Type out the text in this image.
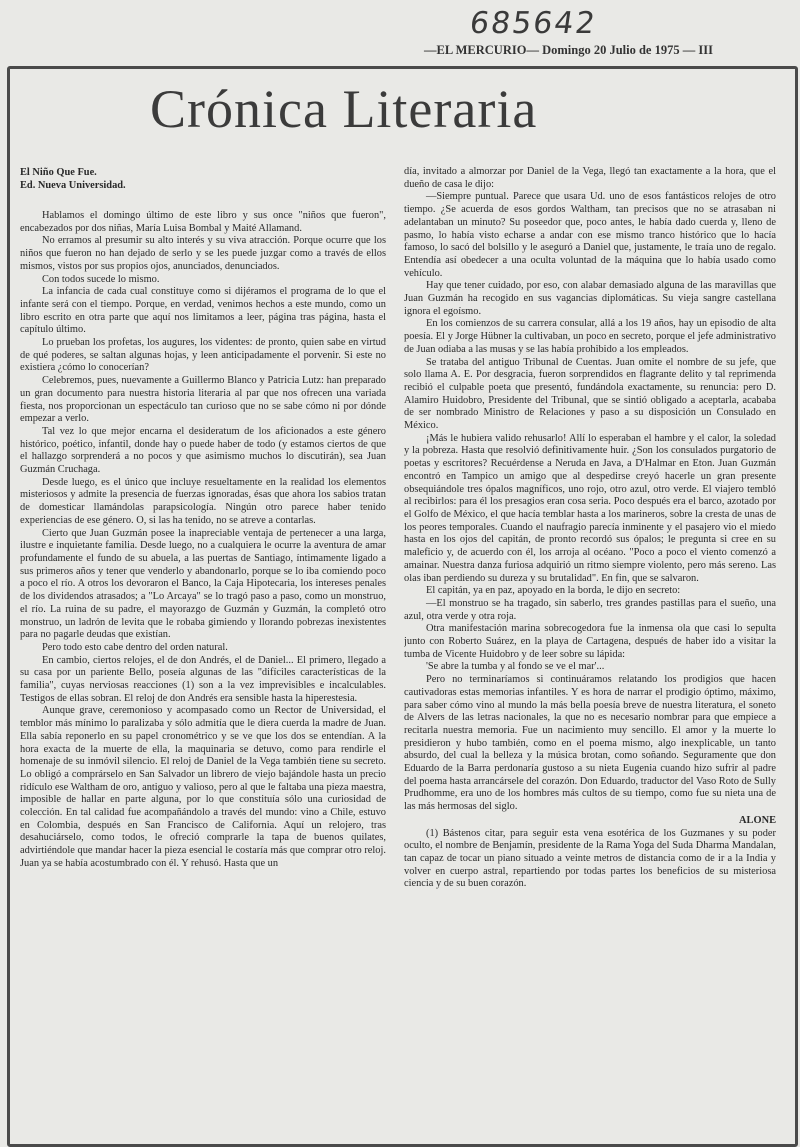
685642
—EL MERCURIO— Domingo 20 Julio de 1975 — III
Crónica Literaria
El Niño Que Fue.
Ed. Nueva Universidad.

Hablamos el domingo último de este libro y sus once "niños que fueron", encabezados por dos niñas, María Luisa Bombal y Maité Allamand.

No erramos al presumir su alto interés y su viva atracción. Porque ocurre que los niños que fueron no han dejado de serlo y se les puede juzgar como a través de ellos mismos, vistos por sus propios ojos, anunciados, denunciados.

Con todos sucede lo mismo.

La infancia de cada cual constituye como si dijéramos el programa de lo que el infante será con el tiempo. Porque, en verdad, venimos hechos a este mundo, como un libro escrito en otra parte que aquí nos limitamos a leer, página tras página, hasta el capítulo último.

Lo prueban los profetas, los augures, los videntes: de pronto, quien sabe en virtud de qué poderes, se saltan algunas hojas, y leen anticipadamente el porvenir. Si este no existiera ¿cómo lo conocerían?

Celebremos, pues, nuevamente a Guillermo Blanco y Patricia Lutz: han preparado un gran documento para nuestra historia literaria al par que nos ofrecen una variada fiesta, nos proporcionan un espectáculo tan curioso que no se sabe cómo ni por dónde empezar a verlo.

Tal vez lo que mejor encarna el desideratum de los aficionados a este género histórico, poético, infantil, donde hay o puede haber de todo (y estamos ciertos de que el hallazgo sorprenderá a no pocos y que asimismo muchos lo discutirán), sea Juan Guzmán Cruchaga.

Desde luego, es el único que incluye resueltamente en la realidad los elementos misteriosos y admite la presencia de fuerzas ignoradas, ésas que ahora los sabios tratan de domesticar llamándolas parapsicología. Ningún otro parece haber tenido experiencias de ese género. O, si las ha tenido, no se atreve a contarlas.

Cierto que Juan Guzmán posee la inapreciable ventaja de pertenecer a una larga, ilustre e inquietante familia. Desde luego, no a cualquiera le ocurre la aventura de amar profundamente el fundo de su abuela, a las puertas de Santiago, íntimamente ligado a sus primeros años y tener que venderlo y abandonarlo, porque se lo iba comiendo poco a poco el río. A otros los devoraron el Banco, la Caja Hipotecaria, los intereses penales de los dividendos atrasados; a "Lo Arcaya" se lo tragó paso a paso, como un monstruo, el río. La ruina de su padre, el mayorazgo de Guzmán y Guzmán, la completó otro monstruo, un ladrón de levita que le robaba gimiendo y llorando pobrezas inexistentes para no pagarle deudas que existían.

Pero todo esto cabe dentro del orden natural.

En cambio, ciertos relojes, el de don Andrés, el de Daniel... El primero, llegado a su casa por un pariente Bello, poseía algunas de las "difíciles características de la familia", cuyas nerviosas reacciones (1) son a la vez imprevisibles e incalculables. Testigos de ellas sobran. El reloj de don Andrés era sensible hasta la hiperestesia.

Aunque grave, ceremonioso y acompasado como un Rector de Universidad, el temblor más mínimo lo paralizaba y sólo admitía que le diera cuerda la madre de Juan. Ella sabía reponerlo en su papel cronométrico y se ve que los dos se entendían. A la hora exacta de la muerte de ella, la maquinaria se detuvo, como para rendirle el homenaje de su inmóvil silencio. El reloj de Daniel de la Vega también tiene su secreto. Lo obligó a comprárselo en San Salvador un librero de viejo bajándole hasta un precio ridículo ese Waltham de oro, antiguo y valioso, pero al que le faltaba una pieza maestra, imposible de hallar en parte alguna, por lo que constituía sólo una curiosidad de colección. En tal calidad fue acompañándolo a través del mundo: vino a Chile, estuvo en Colombia, después en San Francisco de California. Aquí un relojero, tras desahuciárselo, como todos, le ofreció comprarle la tapa de buenos quilates, advirtiéndole que mandar hacer la pieza esencial le costaría más que comprar otro reloj. Juan ya se había acostumbrado con él. Y rehusó. Hasta que un

día, invitado a almorzar por Daniel de la Vega, llegó tan exactamente a la hora, que el dueño de casa le dijo:

—Siempre puntual. Parece que usara Ud. uno de esos fantásticos relojes de otro tiempo. ¿Se acuerda de esos gordos Waltham, tan precisos que no se atrasaban ni adelantaban un minuto? Su poseedor que, poco antes, le había dado cuerda y, lleno de pasmo, lo había visto echarse a andar con ese mismo tranco histórico que lo hacía famoso, lo sacó del bolsillo y le aseguró a Daniel que, justamente, le traía uno de regalo. Entendía así obedecer a una oculta voluntad de la máquina que lo había usado como vehículo.

Hay que tener cuidado, por eso, con alabar demasiado alguna de las maravillas que Juan Guzmán ha recogido en sus vagancias diplomáticas. Su vieja sangre castellana ignora el egoísmo.

En los comienzos de su carrera consular, allá a los 19 años, hay un episodio de alta poesía. El y Jorge Hübner la cultivaban, un poco en secreto, porque el jefe administrativo de Juan odiaba a las musas y se las había prohibido a los empleados.

Se trataba del antiguo Tribunal de Cuentas. Juan omite el nombre de su jefe, que solo llama A. E. Por desgracia, fueron sorprendidos en flagrante delito y tal reprimenda recibió el culpable poeta que presentó, fundándola exactamente, su renuncia: pero D. Alamiro Huidobro, Presidente del Tribunal, que se sintió obligado a aceptarla, acababa de ser nombrado Ministro de Relaciones y paso a su disposición un Consulado en México.

¡Más le hubiera valido rehusarlo! Allí lo esperaban el hambre y el calor, la soledad y la pobreza. Hasta que resolvió definitivamente huir. ¿Son los consulados purgatorio de poetas y escritores? Recuérdense a Neruda en Java, a D'Halmar en Eton. Juan Guzmán encontró en Tampico un amigo que al despedirse creyó hacerle un gran presente obsequiándole tres ópalos magníficos, uno rojo, otro azul, otro verde. El viajero tembló al recibirlos: para él los presagios eran cosa seria. Poco después era el barco, azotado por el Golfo de México, el que hacía temblar hasta a los marineros, sobre la cresta de unas de los peores temporales. Cuando el naufragio parecía inminente y el pasajero vio el miedo hasta en los ojos del capitán, de pronto recordó sus ópalos; le pregunta si cree en su maleficio y, de acuerdo con él, los arroja al océano. "Poco a poco el viento comenzó a amainar. Nuestra danza furiosa adquirió un ritmo siempre violento, pero más sereno. Las olas iban perdiendo su dureza y su brutalidad". En fin, que se salvaron.

El capitán, ya en paz, apoyado en la borda, le dijo en secreto:

—El monstruo se ha tragado, sin saberlo, tres grandes pastillas para el sueño, una azul, otra verde y otra roja.

Otra manifestación marina sobrecogedora fue la inmensa ola que casi lo sepulta junto con Roberto Suárez, en la playa de Cartagena, después de haber ido a visitar la tumba de Vicente Huidobro y de leer sobre su lápida:

'Se abre la tumba y al fondo se ve el mar'...

Pero no terminaríamos si continuáramos relatando los prodigios que hacen cautivadoras estas memorias infantiles. Y es hora de narrar el prodigio óptimo, máximo, para saber cómo vino al mundo la más bella poesía breve de nuestra literatura, el soneto de Alvers de las letras nacionales, la que no es necesario nombrar para que empiece a recitarla nuestra memoria. Fue un nacimiento muy sencillo. El amor y la muerte lo presidieron y hubo también, como en el poema mismo, algo inexplicable, un tanto absurdo, del cual la belleza y la música brotan, como soñando. Seguramente que don Eduardo de la Barra perdonaría gustoso a su nieta Eugenia cuando hizo sufrir al padre del poema hasta arrancársele del corazón. Don Eduardo, traductor del Vaso Roto de Sully Prudhomme, era uno de los hombres más cultos de su tiempo, como fue su nieta una de las más hermosas del siglo.

ALONE

(1) Bástenos citar, para seguir esta vena esotérica de los Guzmanes y su poder oculto, el nombre de Benjamín, presidente de la Rama Yoga del Suda Dharma Mandalan, tan capaz de tocar un piano situado a veinte metros de distancia como de ir a la India y volver en cuerpo astral, repartiendo por todas partes los beneficios de su misteriosa ciencia y de su buen corazón.
